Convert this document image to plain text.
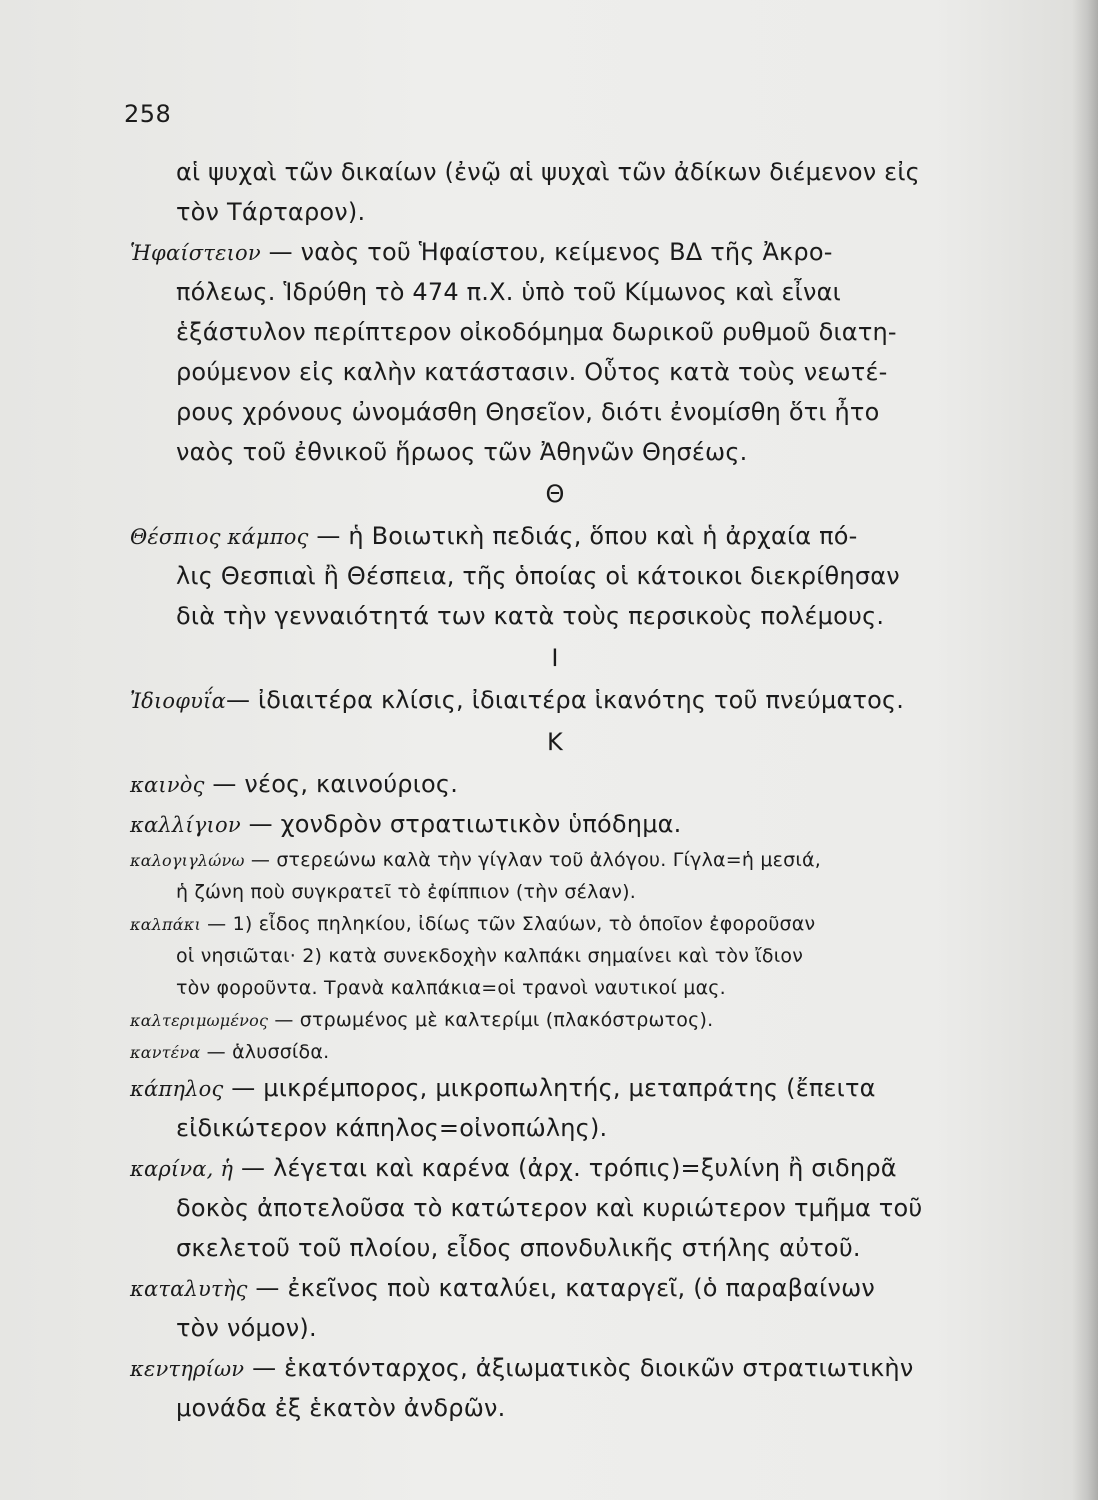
258
αἱ ψυχαὶ τῶν δικαίων (ἐνῷ αἱ ψυχαὶ τῶν ἀδίκων διέμενον εἰς
τὸν Τάρταρον).
Ἡφαίστειον — ναὸς τοῦ Ἡφαίστου, κείμενος ΒΔ τῆς Ἀκρο-
πόλεως. Ἱδρύθη τὸ 474 π.Χ. ὑπὸ τοῦ Κίμωνος καὶ εἶναι
ἑξάστυλον περίπτερον οἰκοδόμημα δωρικοῦ ρυθμοῦ διατη-
ρούμενον εἰς καλὴν κατάστασιν. Οὗτος κατὰ τοὺς νεωτέ-
ρους χρόνους ὠνομάσθη Θησεῖον, διότι ἐνομίσθη ὅτι ἦτο
ναὸς τοῦ ἐθνικοῦ ἥρωος τῶν Ἀθηνῶν Θησέως.
Θ
Θέσπιος κάμπος — ἡ Βοιωτικὴ πεδιάς, ὅπου καὶ ἡ ἀρχαία πό-
λις Θεσπιαὶ ἢ Θέσπεια, τῆς ὁποίας οἱ κάτοικοι διεκρίθησαν
διὰ τὴν γενναιότητά των κατὰ τοὺς περσικοὺς πολέμους.
Ι
Ἰδιοφυΐα— ἰδιαιτέρα κλίσις, ἰδιαιτέρα ἱκανότης τοῦ πνεύματος.
Κ
καινὸς — νέος, καινούριος.
καλλίγιον — χονδρὸν στρατιωτικὸν ὑπόδημα.
καλογιγλώνω — στερεώνω καλὰ τὴν γίγλαν τοῦ ἀλόγου. Γίγλα=ἡ μεσιά,
ἡ ζώνη ποὺ συγκρατεῖ τὸ ἐφίππιον (τὴν σέλαν).
καλπάκι — 1) εἶδος πηληκίου, ἰδίως τῶν Σλαύων, τὸ ὁποῖον ἐφοροῦσαν
οἱ νησιῶται· 2) κατὰ συνεκδοχὴν καλπάκι σημαίνει καὶ τὸν ἴδιον
τὸν φοροῦντα. Τρανὰ καλπάκια=οἱ τρανοὶ ναυτικοί μας.
καλτεριμωμένος — στρωμένος μὲ καλτερίμι (πλακόστρωτος).
καντένα — ἁλυσσίδα.
κάπηλος — μικρέμπορος, μικροπωλητής, μεταπράτης (ἔπειτα
εἰδικώτερον κάπηλος=οἰνοπώλης).
καρίνα, ἡ — λέγεται καὶ καρένα (ἀρχ. τρόπις)=ξυλίνη ἢ σιδηρᾶ
δοκὸς ἀποτελοῦσα τὸ κατώτερον καὶ κυριώτερον τμῆμα τοῦ
σκελετοῦ τοῦ πλοίου, εἶδος σπονδυλικῆς στήλης αὐτοῦ.
καταλυτὴς — ἐκεῖνος ποὺ καταλύει, καταργεῖ, (ὁ παραβαίνων
τὸν νόμον).
κεντηρίων — ἑκατόνταρχος, ἀξιωματικὸς διοικῶν στρατιωτικὴν
μονάδα ἐξ ἑκατὸν ἀνδρῶν.
